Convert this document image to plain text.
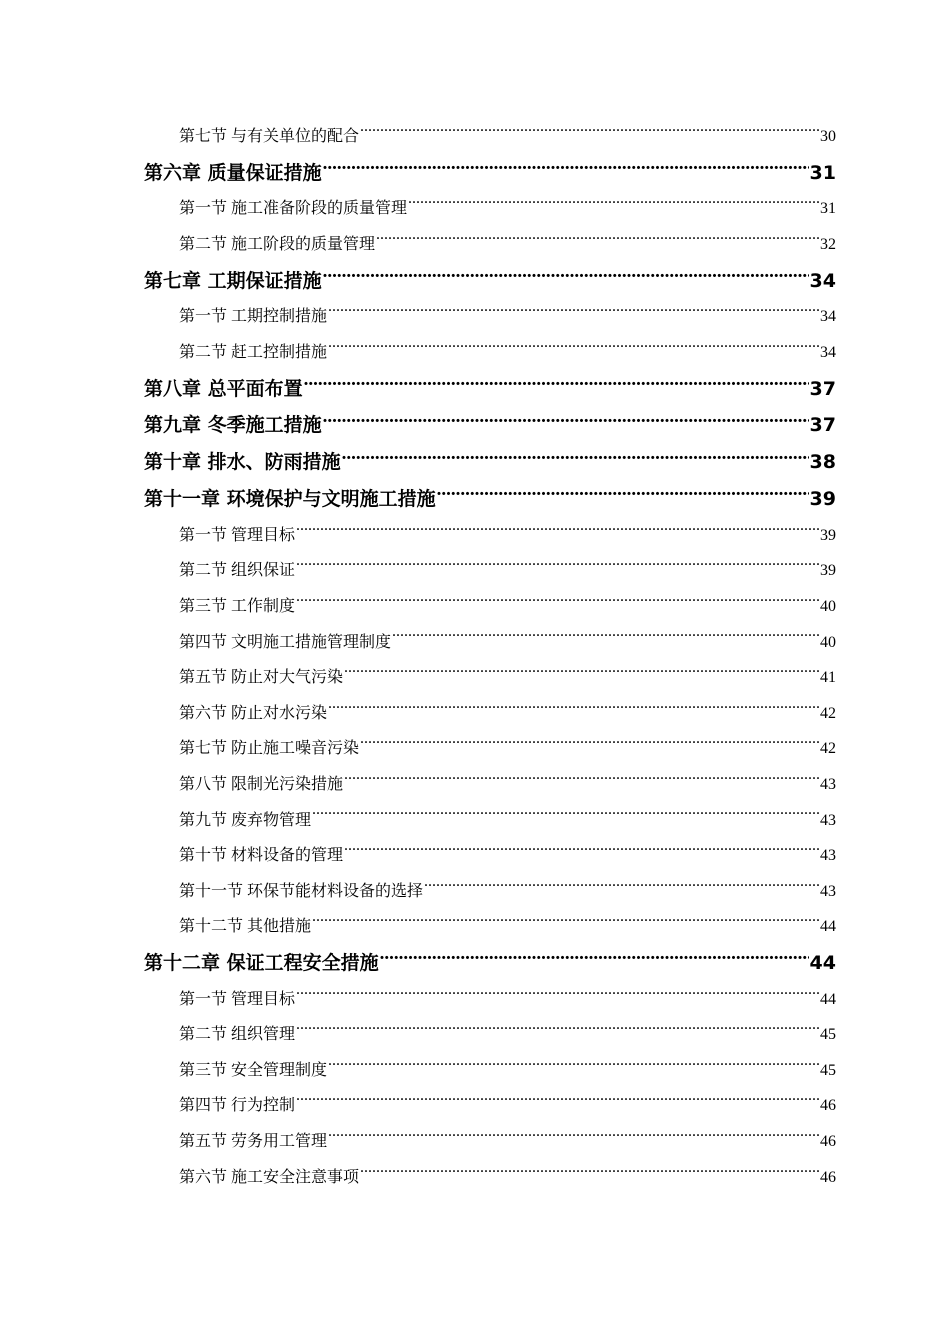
第七节 与有关单位的配合 .....	30
第六章 质量保证措施 .....	31
第一节 施工准备阶段的质量管理 .....	31
第二节 施工阶段的质量管理 .....	32
第七章 工期保证措施 .....	34
第一节 工期控制措施 .....	34
第二节 赶工控制措施 .....	34
第八章 总平面布置 .....	37
第九章 冬季施工措施 .....	37
第十章 排水、防雨措施 .....	38
第十一章 环境保护与文明施工措施 .....	39
第一节 管理目标 .....	39
第二节 组织保证 .....	39
第三节 工作制度 .....	40
第四节 文明施工措施管理制度 .....	40
第五节 防止对大气污染 .....	41
第六节 防止对水污染 .....	42
第七节 防止施工噪音污染 .....	42
第八节 限制光污染措施 .....	43
第九节 废弃物管理 .....	43
第十节 材料设备的管理 .....	43
第十一节 环保节能材料设备的选择 .....	43
第十二节 其他措施 .....	44
第十二章 保证工程安全措施 .....	44
第一节 管理目标 .....	44
第二节 组织管理 .....	45
第三节 安全管理制度 .....	45
第四节 行为控制 .....	46
第五节 劳务用工管理 .....	46
第六节 施工安全注意事项 .....	46
